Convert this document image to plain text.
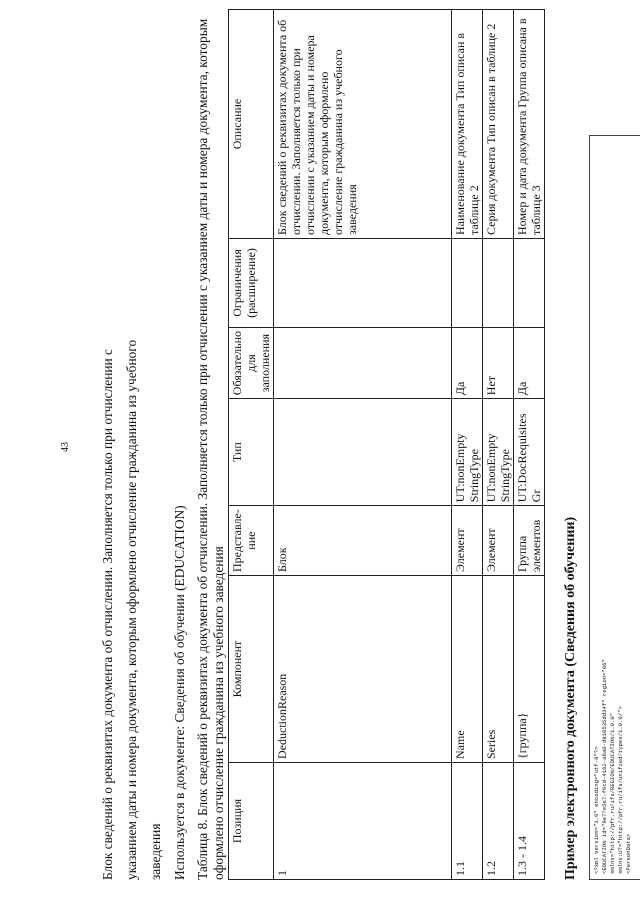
43 Блок сведений о реквизитах документа об отчислении. Заполняется только при отчислении с указанием даты и номера документа, которым оформлено отчисление гражданина из учебного заведения Используется в документе: Сведения об обучении (EDUCATION) Таблица 8. Блок сведений о реквизитах документа об отчислении. Заполняется только при отчислении с указанием даты и номера документа, которым оформлено отчисление гражданина из учебного заведения Позиция	Компонент	Представле-ние	Тип	Обязательно для заполнения	Ограничения (расширение)	Описание
1	DeductionReason	Блок				Блок сведений о реквизитах документа об отчислении. Заполняется только при отчислении с указанием даты и номера документа, которым оформлено отчисление гражданина из учебного заведения
1.1	Name	Элемент	UT:nonEmpty StringType	Да		Наименование документа Тип описан в таблице 2
1.2	Series	Элемент	UT:nonEmpty StringType	Нет		Серия документа Тип описан в таблице 2
1.3 - 1.4	{группа}	Группа элементов	UT:DocRequisites Gr	Да		Номер и дата документа Группа описана в таблице 3
Пример электронного документа (Сведения об обучении)	<?xml version="1.0" encoding="utf-8"?> <EDUCATION id="9e77e5e7-f6cd-4162-a6a0-d816535dd34f" region="66" xmlns="http://pfr.ru/ifs/REGION/EDUCATION/1.0.0" xmlns:UT="http://pfr.ru/ifs/unified/types/1.0.0/"> <PersonData>
